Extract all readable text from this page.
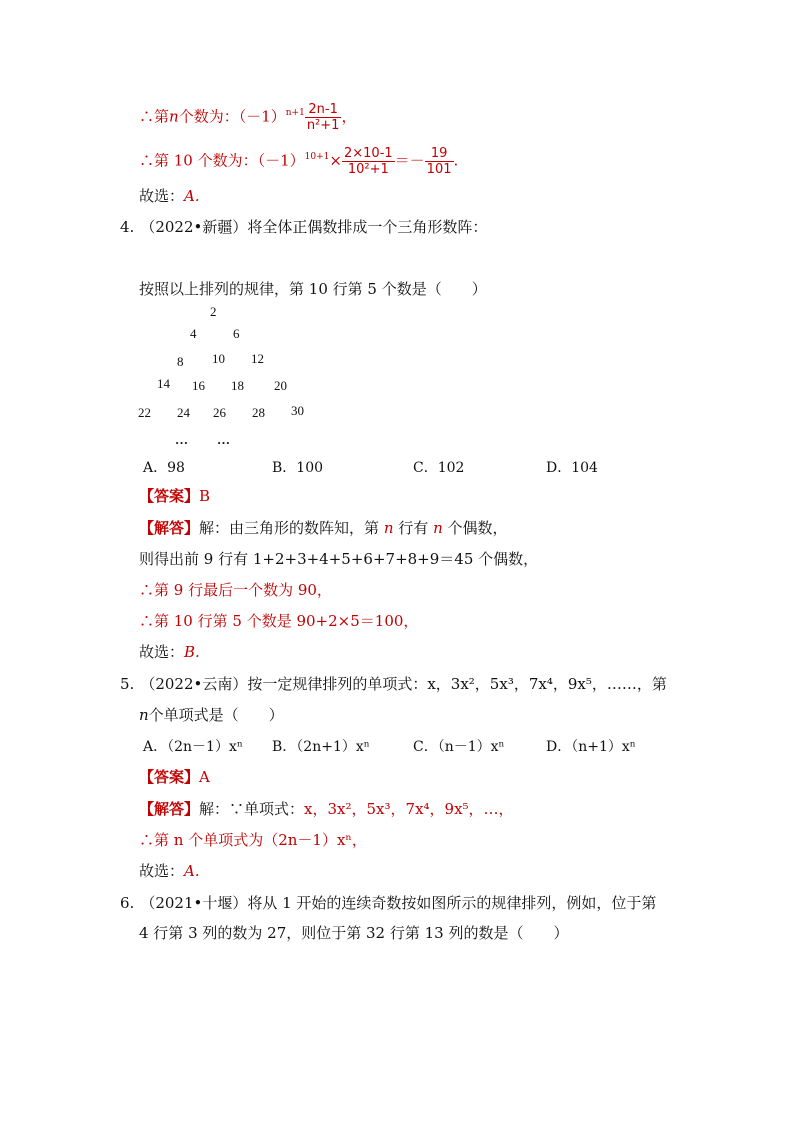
∴第n个数为：$(-1)^{n+1} \frac{2n-1}{\text{n²+1}}$ ，
∴第 10 个数为：$(-1)^{10+1}\times \frac{2\times 10-1}{\text{10²+1}} =- \frac{19}{101}$ .
故选：A.
4. （2022•新疆）将全体正偶数排成一个三角形数阵：
按照以上排列的规律，第 10 行第 5 个数是（　　）
2
4	6
8 10 12
14 16 18 20
22 24 26 28 30
… …
A．98	B．100	C．102	D．104
【答案】B
【解答】解：由三角形的数阵知，第 n 行有 n 个偶数，
则得出前 9 行有 1+2+3+4+5+6+7+8+9＝45 个偶数，
∴第 9 行最后一个数为 90，
∴第 10 行第 5 个数是 90+2×5＝100，
故选：B.
5. （2022•云南）按一定规律排列的单项式：x，3x²，5x³，7x⁴，9x⁵，……，第
n个单项式是（　　）
A．（2n－1）xⁿ B．（2n+1）xⁿ	C．（n－1）xⁿ	D．（n+1）xⁿ
【答案】A
【解答】解：∵单项式：x，3x²，5x³，7x⁴，9x⁵，…，
∴第 n 个单项式为（2n－1）xⁿ，
故选：A.
6. （2021•十堰）将从 1 开始的连续奇数按如图所示的规律排列，例如，位于第
4 行第 3 列的数为 27，则位于第 32 行第 13 列的数是（　　）
